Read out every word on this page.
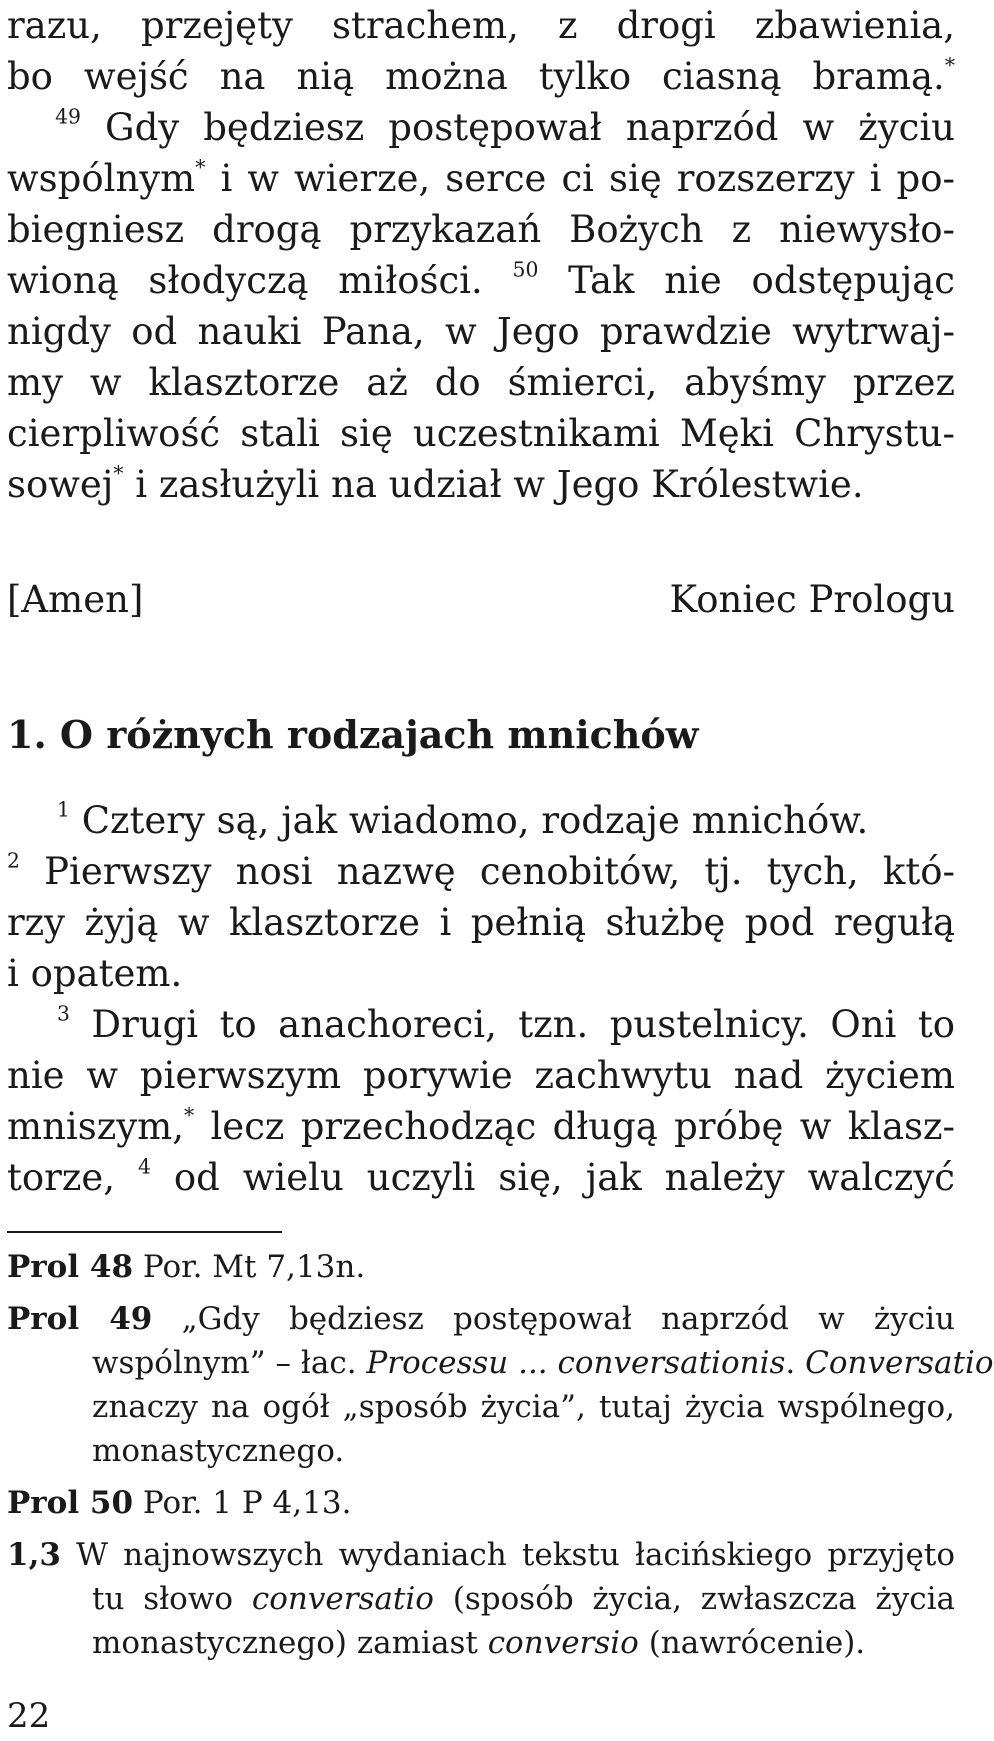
razu, przejęty strachem, z drogi zbawienia,
bo wejść na nią można tylko ciasną bramą.*
$^{49}$ Gdy będziesz postępował naprzód w życiu
wspólnym* i w wierze, serce ci się rozszerzy i po-
biegniesz drogą przykazań Bożych z niewysło-
wioną słodyczą miłości. $^{50}$ Tak nie odstępując
nigdy od nauki Pana, w Jego prawdzie wytrwaj-
my w klasztorze aż do śmierci, abyśmy przez
cierpliwość stali się uczestnikami Męki Chrystu-
sowej* i zasłużyli na udział w Jego Królestwie.
[Amen]	Koniec Prologu
1. O różnych rodzajach mnichów
$^1$ Cztery są, jak wiadomo, rodzaje mnichów.
$^2$ Pierwszy nosi nazwę cenobitów, tj. tych, któ-
rzy żyją w klasztorze i pełnią służbę pod regułą
i opatem.
$^3$ Drugi to anachoreci, tzn. pustelnicy. Oni to
nie w pierwszym porywie zachwytu nad życiem
mniszym,* lecz przechodząc długą próbę w klasz-
torze, $^4$ od wielu uczyli się, jak należy walczyć
Prol 48 Por. Mt 7,13n.
Prol 49 „Gdy będziesz postępował naprzód w życiu
wspólnym” – łac. Processu ... conversationis. Conversatio
znaczy na ogół „sposób życia”, tutaj życia wspólnego,
monastycznego.
Prol 50 Por. 1 P 4,13.
1,3 W najnowszych wydaniach tekstu łacińskiego przyjęto
tu słowo conversatio (sposób życia, zwłaszcza życia
monastycznego) zamiast conversio (nawrócenie).
22
